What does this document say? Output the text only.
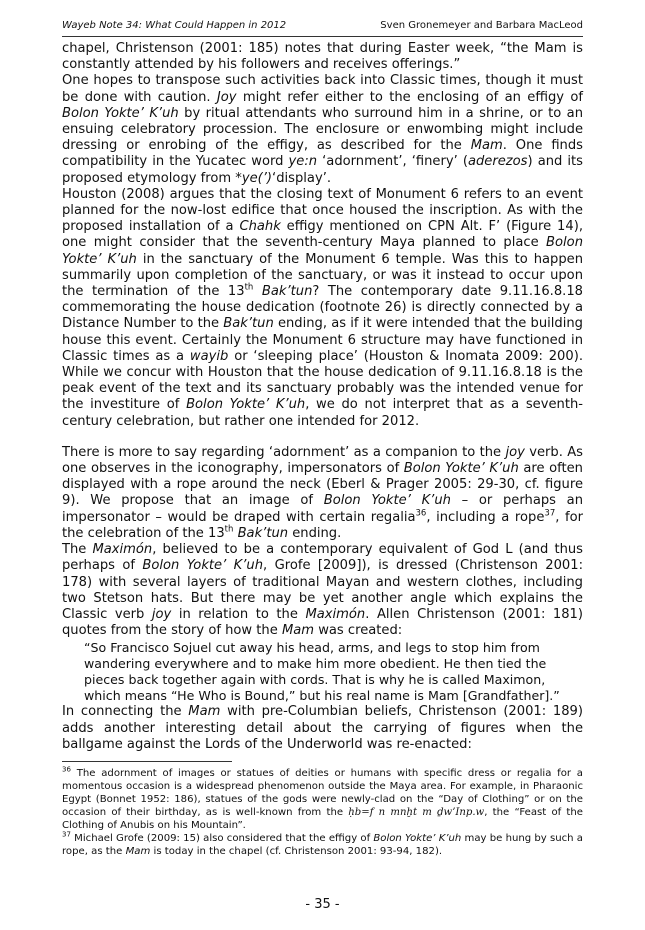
Wayeb Note 34: What Could Happen in 2012	Sven Gronemeyer and Barbara MacLeod

chapel, Christenson (2001: 185) notes that during Easter week, “the Mam is constantly attended by his followers and receives offerings.”

One hopes to transpose such activities back into Classic times, though it must be done with caution. Joy might refer either to the enclosing of an effigy of Bolon Yokte’ K’uh by ritual attendants who surround him in a shrine, or to an ensuing celebratory procession. The enclosure or enwombing might include dressing or enrobing of the effigy, as described for the Mam. One finds compatibility in the Yucatec word ye:n ‘adornment’, ‘finery’ (aderezos) and its proposed etymology from *ye(’)‘display’.

Houston (2008) argues that the closing text of Monument 6 refers to an event planned for the now-lost edifice that once housed the inscription. As with the proposed installation of a Chahk effigy mentioned on CPN Alt. F’ (Figure 14), one might consider that the seventh-century Maya planned to place Bolon Yokte’ K’uh in the sanctuary of the Monument 6 temple. Was this to happen summarily upon completion of the sanctuary, or was it instead to occur upon the termination of the 13th Bak’tun? The contemporary date 9.11.16.8.18 commemorating the house dedication (footnote 26) is directly connected by a Distance Number to the Bak’tun ending, as if it were intended that the building house this event. Certainly the Monument 6 structure may have functioned in Classic times as a wayib or ‘sleeping place’ (Houston & Inomata 2009: 200). While we concur with Houston that the house dedication of 9.11.16.8.18 is the peak event of the text and its sanctuary probably was the intended venue for the investiture of Bolon Yokte’ K’uh, we do not interpret that as a seventh-century celebration, but rather one intended for 2012.

There is more to say regarding ‘adornment’ as a companion to the joy verb. As one observes in the iconography, impersonators of Bolon Yokte’ K’uh are often displayed with a rope around the neck (Eberl & Prager 2005: 29-30, cf. figure 9). We propose that an image of Bolon Yokte’ K’uh – or perhaps an impersonator – would be draped with certain regalia$^{36}$, including a rope$^{37}$, for the celebration of the 13th Bak’tun ending.

The Maximón, believed to be a contemporary equivalent of God L (and thus perhaps of Bolon Yokte’ K’uh, Grofe [2009]), is dressed (Christenson 2001: 178) with several layers of traditional Mayan and western clothes, including two Stetson hats. But there may be yet another angle which explains the Classic verb joy in relation to the Maximón. Allen Christenson (2001: 181) quotes from the story of how the Mam was created:

“So Francisco Sojuel cut away his head, arms, and legs to stop him from wandering everywhere and to make him more obedient. He then tied the pieces back together again with cords. That is why he is called Maximon, which means “He Who is Bound,” but his real name is Mam [Grandfather].”

In connecting the Mam with pre-Columbian beliefs, Christenson (2001: 189) adds another interesting detail about the carrying of figures when the ballgame against the Lords of the Underworld was re-enacted:

$^{36}$ The adornment of images or statues of deities or humans with specific dress or regalia for a momentous occasion is a widespread phenomenon outside the Maya area. For example, in Pharaonic Egypt (Bonnet 1952: 186), statues of the gods were newly-clad on the “Day of Clothing” or on the occasion of their birthday, as is well-known from the ḥb=f n mnḫt m ḏw’Inp.w, the “Feast of the Clothing of Anubis on his Mountain”.

$^{37}$ Michael Grofe (2009: 15) also considered that the effigy of Bolon Yokte’ K’uh may be hung by such a rope, as the Mam is today in the chapel (cf. Christenson 2001: 93-94, 182).

- 35 -
